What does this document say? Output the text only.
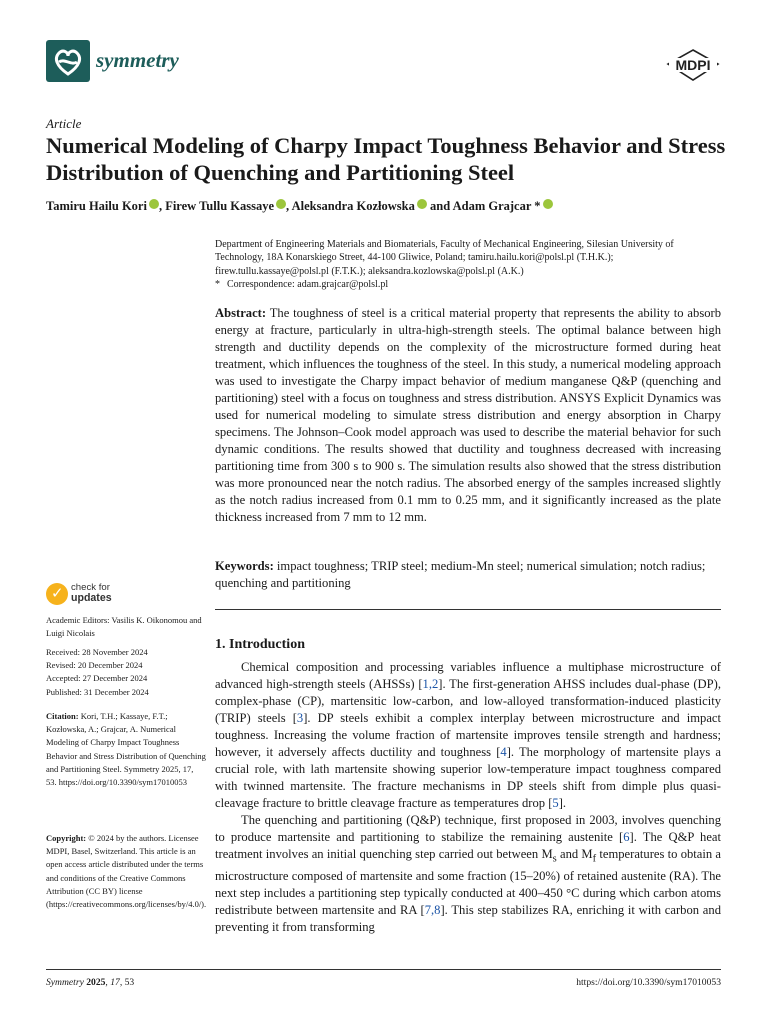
symmetry	MDPI
Article
Numerical Modeling of Charpy Impact Toughness Behavior and Stress Distribution of Quenching and Partitioning Steel
Tamiru Hailu Kori , Firew Tullu Kassaye , Aleksandra Kozłowska and Adam Grajcar *
Department of Engineering Materials and Biomaterials, Faculty of Mechanical Engineering, Silesian University of Technology, 18A Konarskiego Street, 44-100 Gliwice, Poland; tamiru.hailu.kori@polsl.pl (T.H.K.); firew.tullu.kassaye@polsl.pl (F.T.K.); aleksandra.kozlowska@polsl.pl (A.K.)
* Correspondence: adam.grajcar@polsl.pl
Abstract: The toughness of steel is a critical material property that represents the ability to absorb energy at fracture, particularly in ultra-high-strength steels. The optimal balance between high strength and ductility depends on the complexity of the microstructure formed during heat treatment, which influences the toughness of the steel. In this study, a numerical modeling approach was used to investigate the Charpy impact behavior of medium manganese Q&P (quenching and partitioning) steel with a focus on toughness and stress distribution. ANSYS Explicit Dynamics was used for numerical modeling to simulate stress distribution and energy absorption in Charpy specimens. The Johnson–Cook model approach was used to describe the material behavior for such dynamic conditions. The results showed that ductility and toughness decreased with increasing partitioning time from 300 s to 900 s. The simulation results also showed that the stress distribution was more pronounced near the notch radius. The absorbed energy of the samples increased slightly as the notch radius increased from 0.1 mm to 0.25 mm, and it significantly increased as the plate thickness increased from 7 mm to 12 mm.
Keywords: impact toughness; TRIP steel; medium-Mn steel; numerical simulation; notch radius; quenching and partitioning
✓ check for
updates
Academic Editors: Vasilis K. Oikonomou and Luigi Nicolais
Received: 28 November 2024
Revised: 20 December 2024
Accepted: 27 December 2024
Published: 31 December 2024
Citation: Kori, T.H.; Kassaye, F.T.; Kozłowska, A.; Grajcar, A. Numerical Modeling of Charpy Impact Toughness Behavior and Stress Distribution of Quenching and Partitioning Steel. Symmetry 2025, 17, 53. https://doi.org/10.3390/sym17010053
Copyright: © 2024 by the authors. Licensee MDPI, Basel, Switzerland. This article is an open access article distributed under the terms and conditions of the Creative Commons Attribution (CC BY) license (https://creativecommons.org/licenses/by/4.0/).
1. Introduction

Chemical composition and processing variables influence a multiphase microstructure of advanced high-strength steels (AHSSs) [1,2]. The first-generation AHSS includes dual-phase (DP), complex-phase (CP), martensitic low-carbon, and low-alloyed transformation-induced plasticity (TRIP) steels [3]. DP steels exhibit a complex interplay between microstructure and impact toughness. Increasing the volume fraction of martensite improves tensile strength and hardness; however, it adversely affects ductility and toughness [4]. The morphology of martensite plays a crucial role, with lath martensite showing superior low-temperature impact toughness compared with twinned martensite. The fracture mechanisms in DP steels shift from dimple plus quasi-cleavage fracture to brittle cleavage fracture as temperatures drop [5].

The quenching and partitioning (Q&P) technique, first proposed in 2003, involves quenching to produce martensite and partitioning to stabilize the remaining austenite [6]. The Q&P heat treatment involves an initial quenching step carried out between $M_s$ and $M_f$ temperatures to obtain a microstructure composed of martensite and some fraction (15–20%) of retained austenite (RA). The next step includes a partitioning step typically conducted at 400–450 °C during which carbon atoms redistribute between martensite and RA [7,8]. This step stabilizes RA, enriching it with carbon and preventing it from transforming

Symmetry 2025, 17, 53	https://doi.org/10.3390/sym17010053
